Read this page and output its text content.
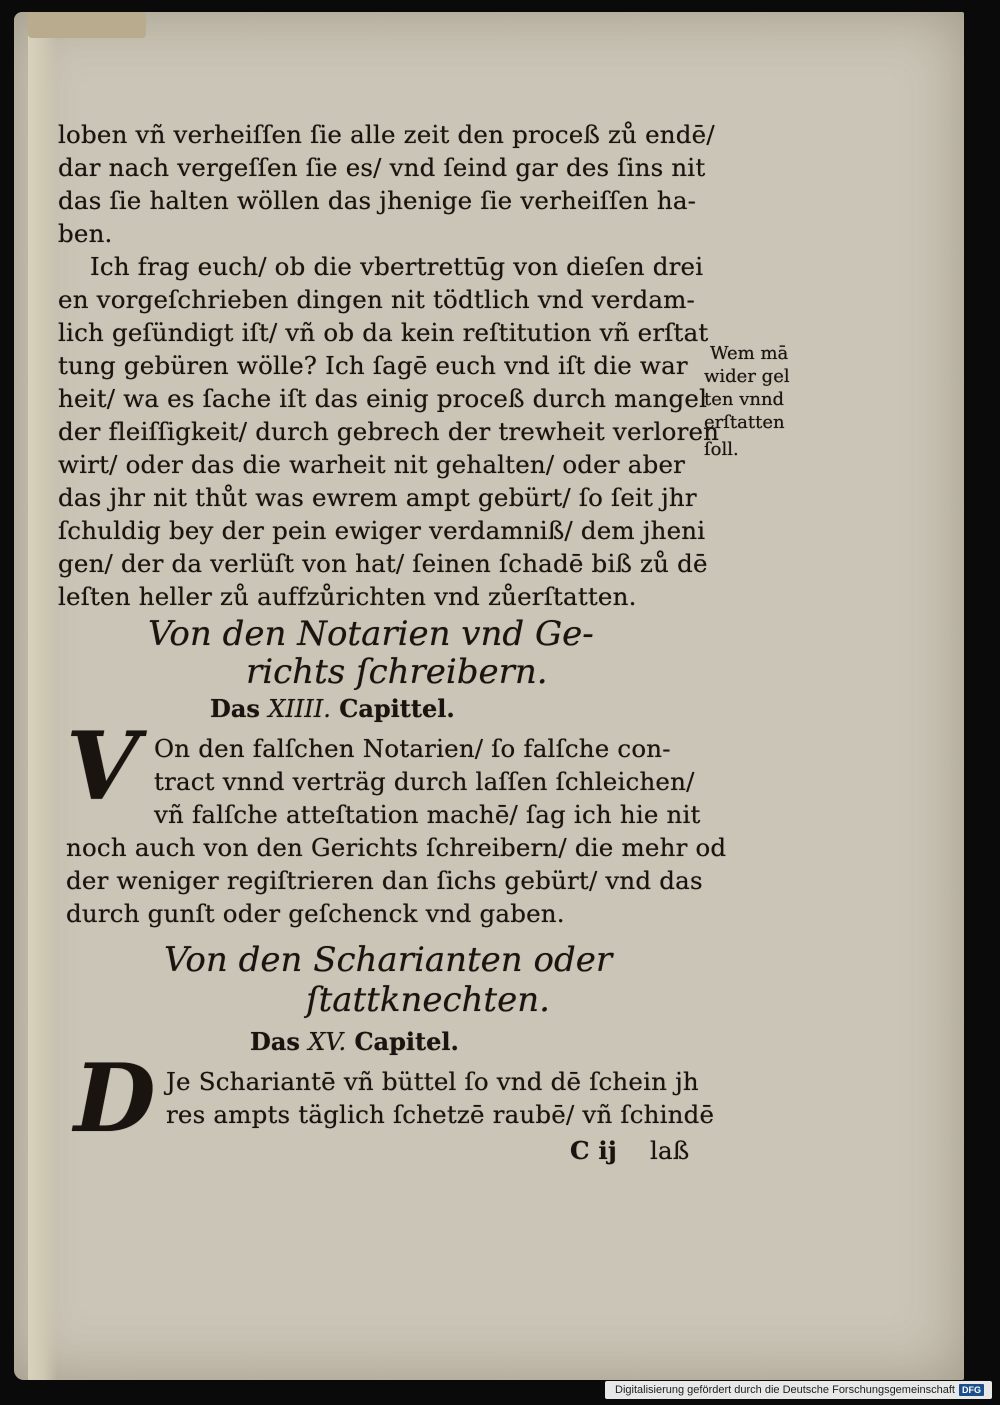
loben vñ verheiſſen ſie alle zeit den proceß zů endē/
dar nach vergeſſen ſie es/ vnd ſeind gar des ſins nit
das ſie halten wöllen das jhenige ſie verheiſſen ha-
ben.
Ich frag euch/ ob die vbertrettūg von dieſen drei
en vorgeſchrieben dingen nit tödtlich vnd verdam-
lich geſündigt iſt/ vñ ob da kein reſtitution vñ erſtat
tung gebüren wölle? Ich ſagē euch vnd iſt die war
heit/ wa es ſache iſt das einig proceß durch mangel
der fleiſſigkeit/ durch gebrech der trewheit verloren
wirt/ oder das die warheit nit gehalten/ oder aber
das jhr nit thůt was ewrem ampt gebürt/ ſo ſeit jhr
ſchuldig bey der pein ewiger verdamniß/ dem jheni
gen/ der da verlüſt von hat/ ſeinen ſchadē biß zů dē
leſten heller zů auffzůrichten vnd zůerſtatten.
Wem mā
wider gel
ten vnnd
erſtatten
ſoll.
Von den Notarien vnd Ge-
richts ſchreibern.
Das XIIII. Capittel.
V On den falſchen Notarien/ ſo falſche con-
tract vnnd verträg durch laſſen ſchleichen/
vñ falſche atteſtation machē/ ſag ich hie nit
noch auch von den Gerichts ſchreibern/ die mehr od
der weniger regiſtrieren dan ſichs gebürt/ vnd das
durch gunſt oder geſchenck vnd gaben.
Von den Scharianten oder
ſtattknechten.
Das XV. Capitel.
D Je Schariantē vñ büttel ſo vnd dē ſchein jh
res ampts täglich ſchetzē raubē/ vñ ſchindē
C ij laß
Digitalisierung gefördert durch die Deutsche Forschungsgemeinschaft DFG
